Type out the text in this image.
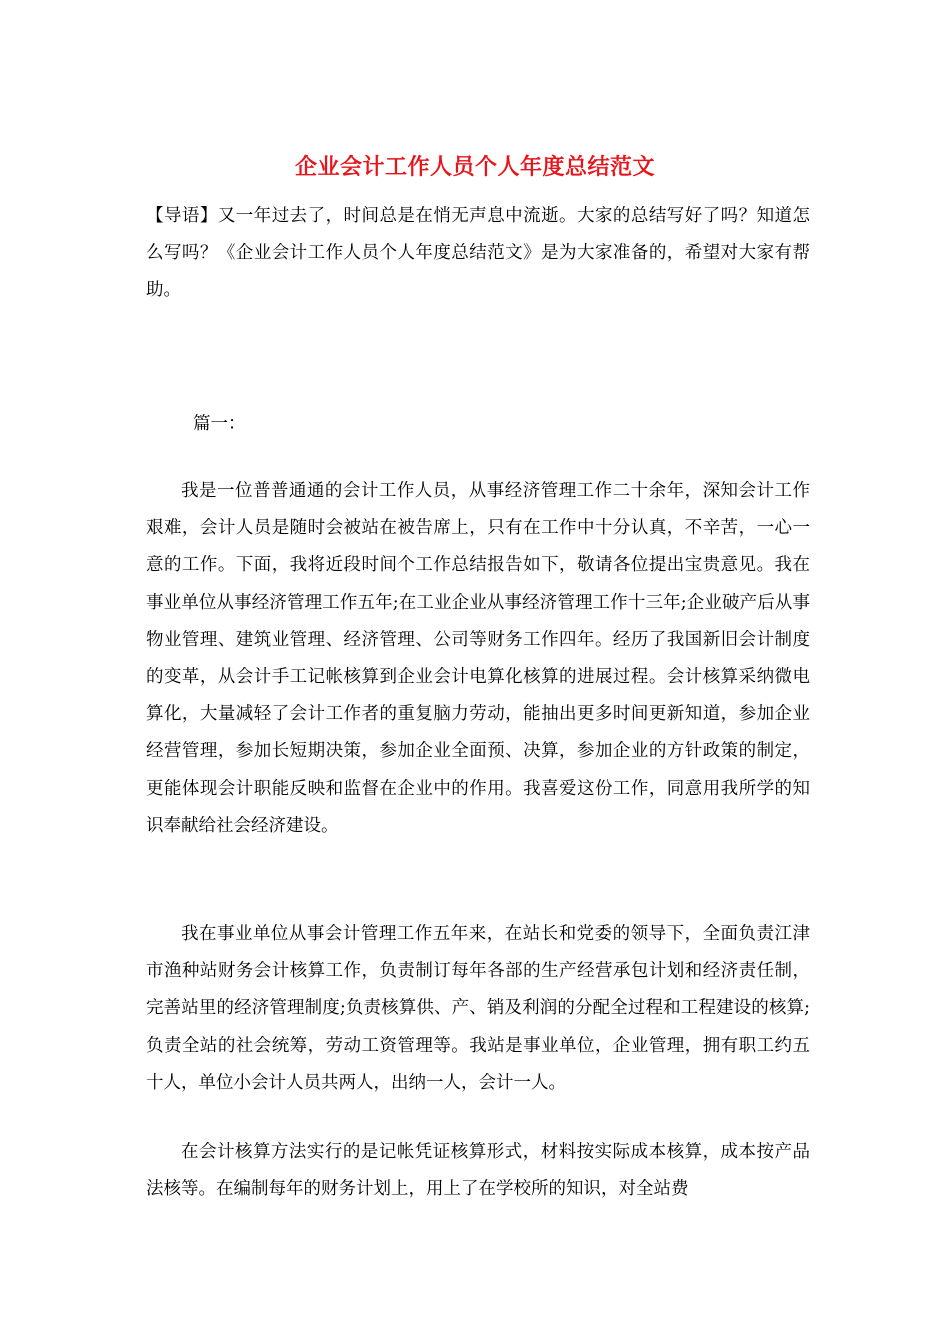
企业会计工作人员个人年度总结范文
【导语】又一年过去了，时间总是在悄无声息中流逝。大家的总结写好了吗？知道怎么写吗？《企业会计工作人员个人年度总结范文》是为大家准备的，希望对大家有帮助。
篇一：
我是一位普普通通的会计工作人员，从事经济管理工作二十余年，深知会计工作艰难，会计人员是随时会被站在被告席上，只有在工作中十分认真，不辛苦，一心一意的工作。下面，我将近段时间个工作总结报告如下，敬请各位提出宝贵意见。我在事业单位从事经济管理工作五年;在工业企业从事经济管理工作十三年;企业破产后从事物业管理、建筑业管理、经济管理、公司等财务工作四年。经历了我国新旧会计制度的变革，从会计手工记帐核算到企业会计电算化核算的进展过程。会计核算采纳微电算化，大量减轻了会计工作者的重复脑力劳动，能抽出更多时间更新知道，参加企业经营管理，参加长短期决策，参加企业全面预、决算，参加企业的方针政策的制定，更能体现会计职能反映和监督在企业中的作用。我喜爱这份工作，同意用我所学的知识奉献给社会经济建设。
我在事业单位从事会计管理工作五年来，在站长和党委的领导下，全面负责江津市渔种站财务会计核算工作，负责制订每年各部的生产经营承包计划和经济责任制，完善站里的经济管理制度;负责核算供、产、销及利润的分配全过程和工程建设的核算;负责全站的社会统筹，劳动工资管理等。我站是事业单位，企业管理，拥有职工约五十人，单位小会计人员共两人，出纳一人，会计一人。
在会计核算方法实行的是记帐凭证核算形式，材料按实际成本核算，成本按产品法核等。在编制每年的财务计划上，用上了在学校所的知识，对全站费
